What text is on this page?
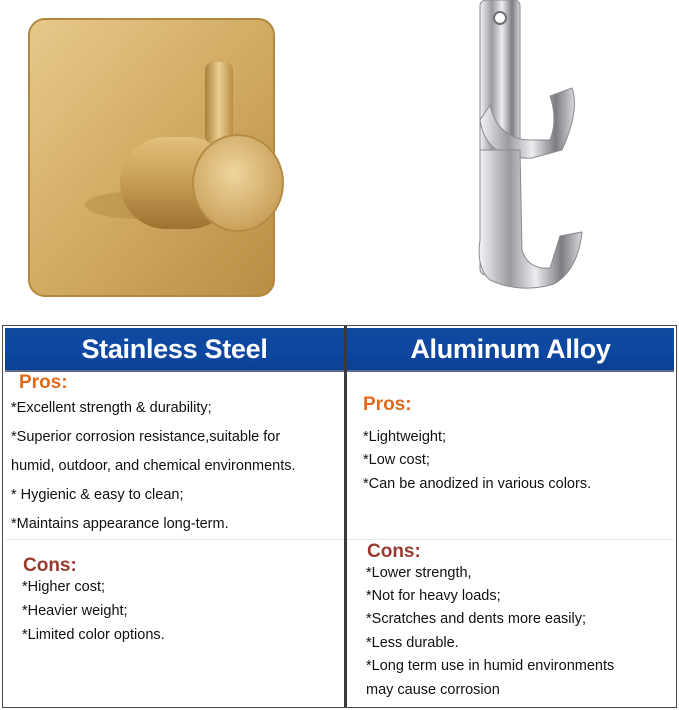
Stainless Steel	Aluminum Alloy
Pros:
*Excellent strength & durability;
*Superior corrosion resistance,suitable for
humid, outdoor, and chemical environments.
* Hygienic & easy to clean;
*Maintains appearance long-term.
Cons:
*Higher cost;
*Heavier weight;
*Limited color options.
Pros:
*Lightweight;
*Low cost;
*Can be anodized in various colors.
Cons:
*Lower strength,
*Not for heavy loads;
*Scratches and dents more easily;
*Less durable.
*Long term use in humid environments
may cause corrosion
